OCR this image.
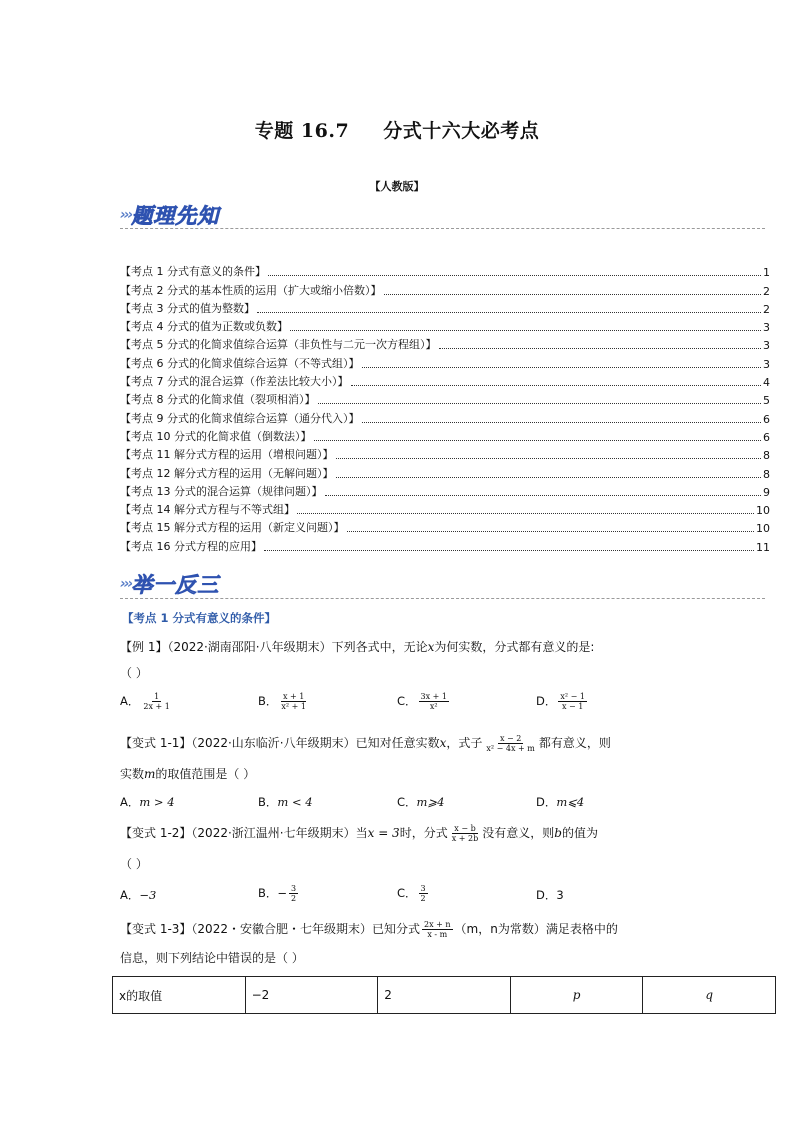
专题 16.7 分式十六大必考点
【人教版】
›››题理先知
【考点 1 分式有意义的条件】	1
【考点 2 分式的基本性质的运用（扩大或缩小倍数）】	2
【考点 3 分式的值为整数】	2
【考点 4 分式的值为正数或负数】	3
【考点 5 分式的化简求值综合运算（非负性与二元一次方程组）】	3
【考点 6 分式的化简求值综合运算（不等式组）】	3
【考点 7 分式的混合运算（作差法比较大小）】	4
【考点 8 分式的化简求值（裂项相消）】	5
【考点 9 分式的化简求值综合运算（通分代入）】	6
【考点 10 分式的化简求值（倒数法）】	6
【考点 11 解分式方程的运用（增根问题）】	8
【考点 12 解分式方程的运用（无解问题）】	8
【考点 13 分式的混合运算（规律问题）】	9
【考点 14 解分式方程与不等式组】	10
【考点 15 解分式方程的运用（新定义问题）】	10
【考点 16 分式方程的应用】	11
›››举一反三
【考点 1 分式有意义的条件】
【例 1】（2022·湖南邵阳·八年级期末）下列各式中，无论x为何实数，分式都有意义的是:
（ ）
A． $\frac{1}{2x + 1}$	B． $\frac{x + 1}{\text{x² + 1}}$	C． $\frac{3x + 1}{\text{x²}}$	D． $\frac{\text{x² − 1}}{x - 1}$
【变式 1-1】（2022·山东临沂·八年级期末）已知对任意实数x，式子 $\frac{x - 2}{\text{x² − 4x + m}}$ 都有意义，则
实数m的取值范围是（ ）
A．m > 4	B．m < 4	C．m⩾4	D．m⩽4
【变式 1-2】（2022·浙江温州·七年级期末）当x = 3时，分式 $\frac{x - b}{x + 2b}$ 没有意义，则b的值为
（ ）
A．−3	B．− $\frac{3}{2}$	C． $\frac{3}{2}$	D．3
【变式 1-3】（2022・安徽合肥・七年级期末）已知分式 $\frac{2x + n}{x - m} (m$，n为常数）满足表格中的
信息，则下列结论中错误的是（ ）
x的取值	−2	2	p	q
